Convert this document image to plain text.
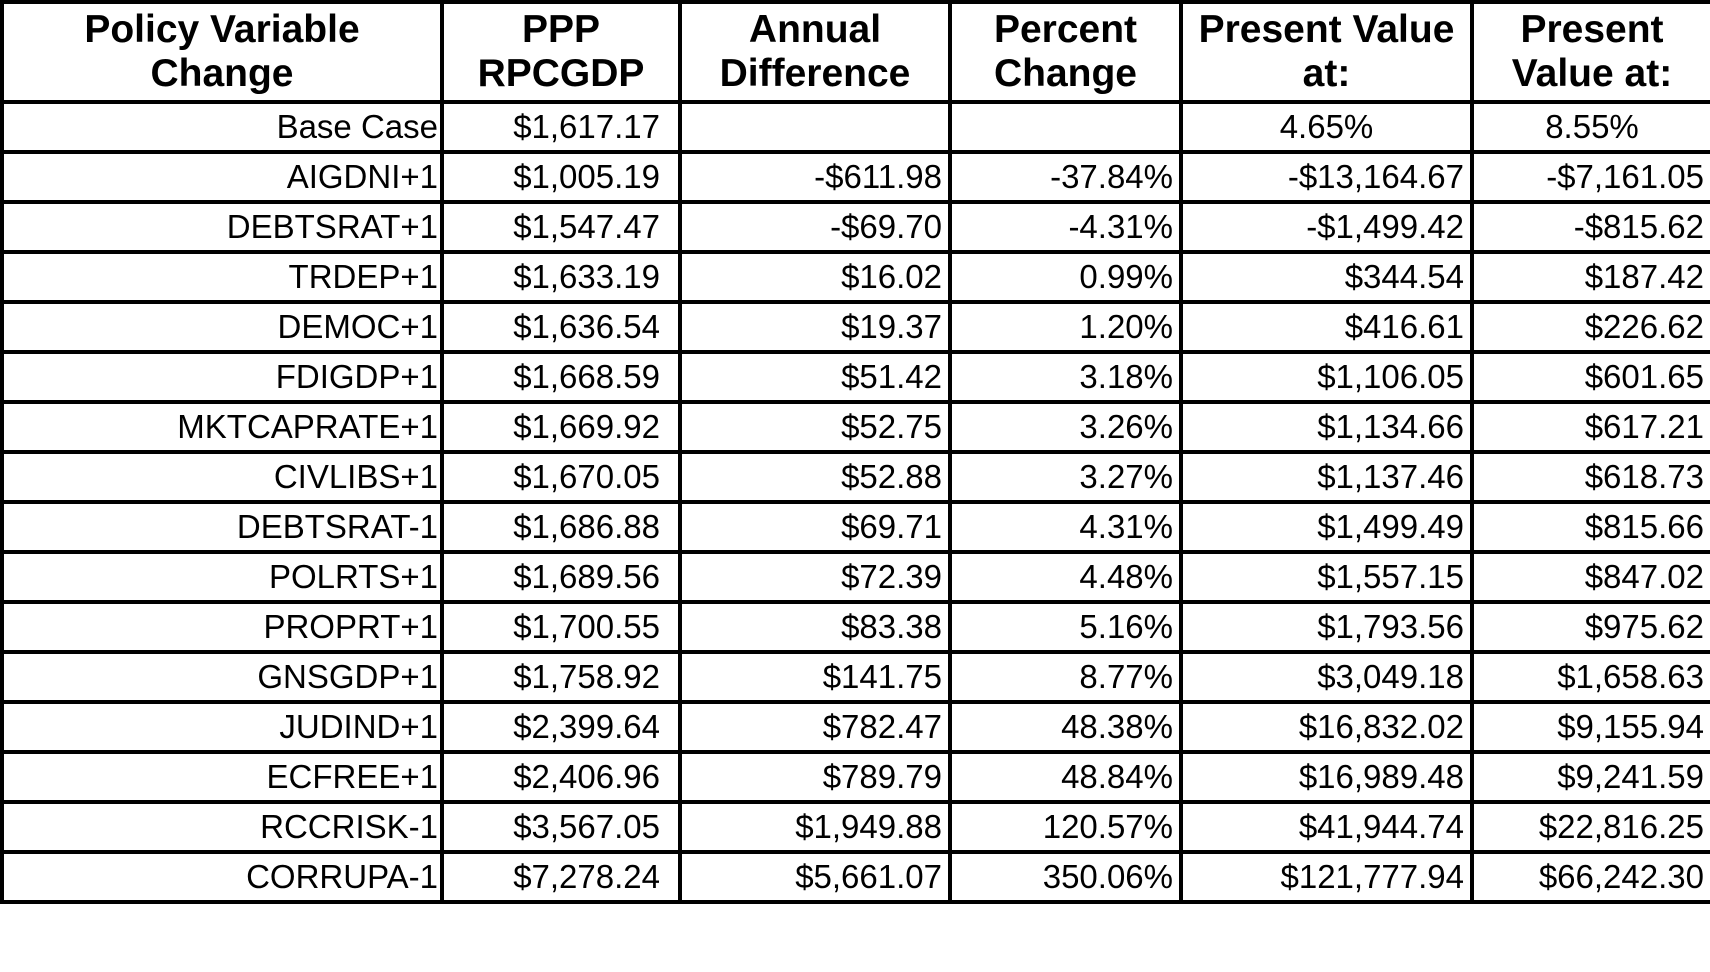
Policy Variable Change	PPP RPCGDP	Annual Difference	Percent Change	Present Value at:	Present Value at:
Base Case	$1,617.17			4.65%	8.55%
AIGDNI+1	$1,005.19	-$611.98	-37.84%	-$13,164.67	-$7,161.05
DEBTSRAT+1	$1,547.47	-$69.70	-4.31%	-$1,499.42	-$815.62
TRDEP+1	$1,633.19	$16.02	0.99%	$344.54	$187.42
DEMOC+1	$1,636.54	$19.37	1.20%	$416.61	$226.62
FDIGDP+1	$1,668.59	$51.42	3.18%	$1,106.05	$601.65
MKTCAPRATE+1	$1,669.92	$52.75	3.26%	$1,134.66	$617.21
CIVLIBS+1	$1,670.05	$52.88	3.27%	$1,137.46	$618.73
DEBTSRAT-1	$1,686.88	$69.71	4.31%	$1,499.49	$815.66
POLRTS+1	$1,689.56	$72.39	4.48%	$1,557.15	$847.02
PROPRT+1	$1,700.55	$83.38	5.16%	$1,793.56	$975.62
GNSGDP+1	$1,758.92	$141.75	8.77%	$3,049.18	$1,658.63
JUDIND+1	$2,399.64	$782.47	48.38%	$16,832.02	$9,155.94
ECFREE+1	$2,406.96	$789.79	48.84%	$16,989.48	$9,241.59
RCCRISK-1	$3,567.05	$1,949.88	120.57%	$41,944.74	$22,816.25
CORRUPA-1	$7,278.24	$5,661.07	350.06%	$121,777.94	$66,242.30
